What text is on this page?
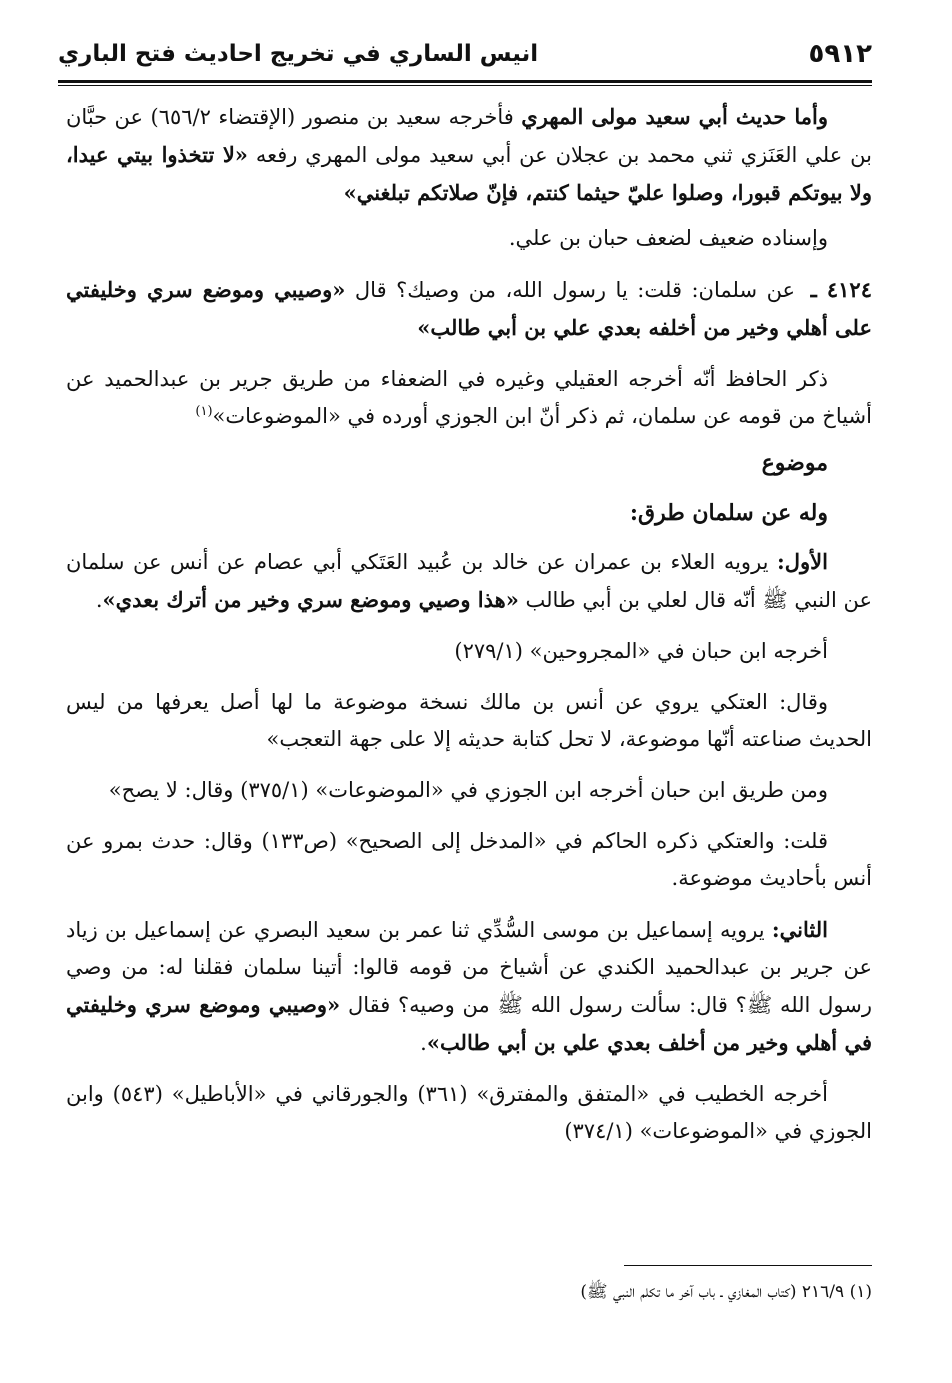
٥٩١٢
انيس الساري في تخريج احاديث فتح الباري

وأما حديث أبي سعيد مولى المهري فأخرجه سعيد بن منصور (الإقتضاء ٦٥٦/٢) عن حبَّان بن علي العَنَزي ثني محمد بن عجلان عن أبي سعيد مولى المهري رفعه «لا تتخذوا بيتي عيدا، ولا بيوتكم قبورا، وصلوا عليّ حيثما كنتم، فإنّ صلاتكم تبلغني»

وإسناده ضعيف لضعف حبان بن علي.

٤١٢٤ ـ عن سلمان: قلت: يا رسول الله، من وصيك؟ قال «وصيبي وموضع سري وخليفتي على أهلي وخير من أخلفه بعدي علي بن أبي طالب»

ذكر الحافظ أنّه أخرجه العقيلي وغيره في الضعفاء من طريق جرير بن عبدالحميد عن أشياخ من قومه عن سلمان، ثم ذكر أنّ ابن الجوزي أورده في «الموضوعات»$^{(١)}$

موضوع
وله عن سلمان طرق:

الأول: يرويه العلاء بن عمران عن خالد بن عُبيد العَتَكي أبي عصام عن أنس عن سلمان عن النبي ﷺ أنّه قال لعلي بن أبي طالب «هذا وصيي وموضع سري وخير من أترك بعدي».

أخرجه ابن حبان في «المجروحين» (٢٧٩/١)

وقال: العتكي يروي عن أنس بن مالك نسخة موضوعة ما لها أصل يعرفها من ليس الحديث صناعته أنّها موضوعة، لا تحل كتابة حديثه إلا على جهة التعجب»

ومن طريق ابن حبان أخرجه ابن الجوزي في «الموضوعات» (٣٧٥/١) وقال: لا يصح»

قلت: والعتكي ذكره الحاكم في «المدخل إلى الصحيح» (ص١٣٣) وقال: حدث بمرو عن أنس بأحاديث موضوعة.

الثاني: يرويه إسماعيل بن موسى السُّدِّي ثنا عمر بن سعيد البصري عن إسماعيل بن زياد عن جرير بن عبدالحميد الكندي عن أشياخ من قومه قالوا: أتينا سلمان فقلنا له: من وصي رسول الله ﷺ؟ قال: سألت رسول الله ﷺ من وصيه؟ فقال «وصيبي وموضع سري وخليفتي في أهلي وخير من أخلف بعدي علي بن أبي طالب».

أخرجه الخطيب في «المتفق والمفترق» (٣٦١) والجورقاني في «الأباطيل» (٥٤٣) وابن الجوزي في «الموضوعات» (٣٧٤/١)

(١) ٢١٦/٩ (كتاب المغازي ـ باب آخر ما تكلم النبي ﷺ)
